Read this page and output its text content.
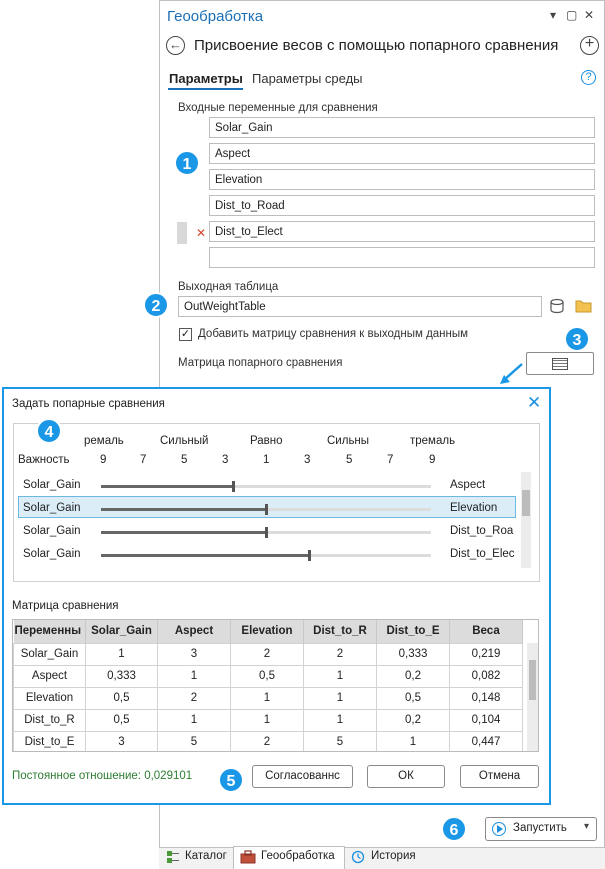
Геообработка	▾ ▢ ✕
← Присвоение весов с помощью попарного сравнения	+
Параметры Параметры среды	?
Входные переменные для сравнения
Solar_Gain
Aspect
Elevation
Dist_to_Road
✕ Dist_to_Elect
1
Выходная таблица
OutWeightTable
2
✓ Добавить матрицу сравнения к выходным данным
Матрица попарного сравнения
3
Задать попарные сравнения	✕
4	ремаль	Сильный	Равно	Сильны	тремаль
Важность	9	7	5	3	1	3	5	7	9
Solar_Gain	Aspect
Solar_Gain	Elevation
Solar_Gain	Dist_to_Roa
Solar_Gain	Dist_to_Elec
Матрица сравнения
Переменны	Solar_Gain	Aspect	Elevation	Dist_to_R	Dist_to_E	Веса
Solar_Gain	1	3	2	2	0,333	0,219
Aspect	0,333	1	0,5	1	0,2	0,082
Elevation	0,5	2	1	1	0,5	0,148
Dist_to_R	0,5	1	1	1	0,2	0,104
Dist_to_E	3	5	2	5	1	0,447
Постоянное отношение: 0,029101	5	Согласованнс	ОК	Отмена
6	Запустить ▾
Каталог	Геообработка	История
